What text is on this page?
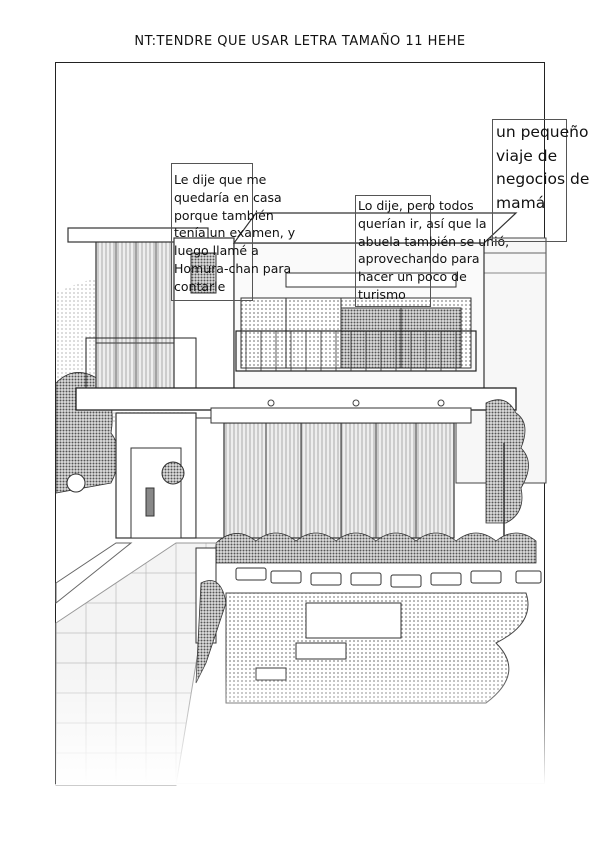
NT:TENDRE QUE USAR LETRA TAMAÑO 11 HEHE
Le dije que me
quedaría en casa
porque también
tenía un examen, y
luego llamé a
Homura-chan para
contarle
Lo dije, pero todos
querían ir, así que la
abuela también se unió,
aprovechando para
hacer un poco de
turismo
un pequeño
viaje de
negocios de
mamá
